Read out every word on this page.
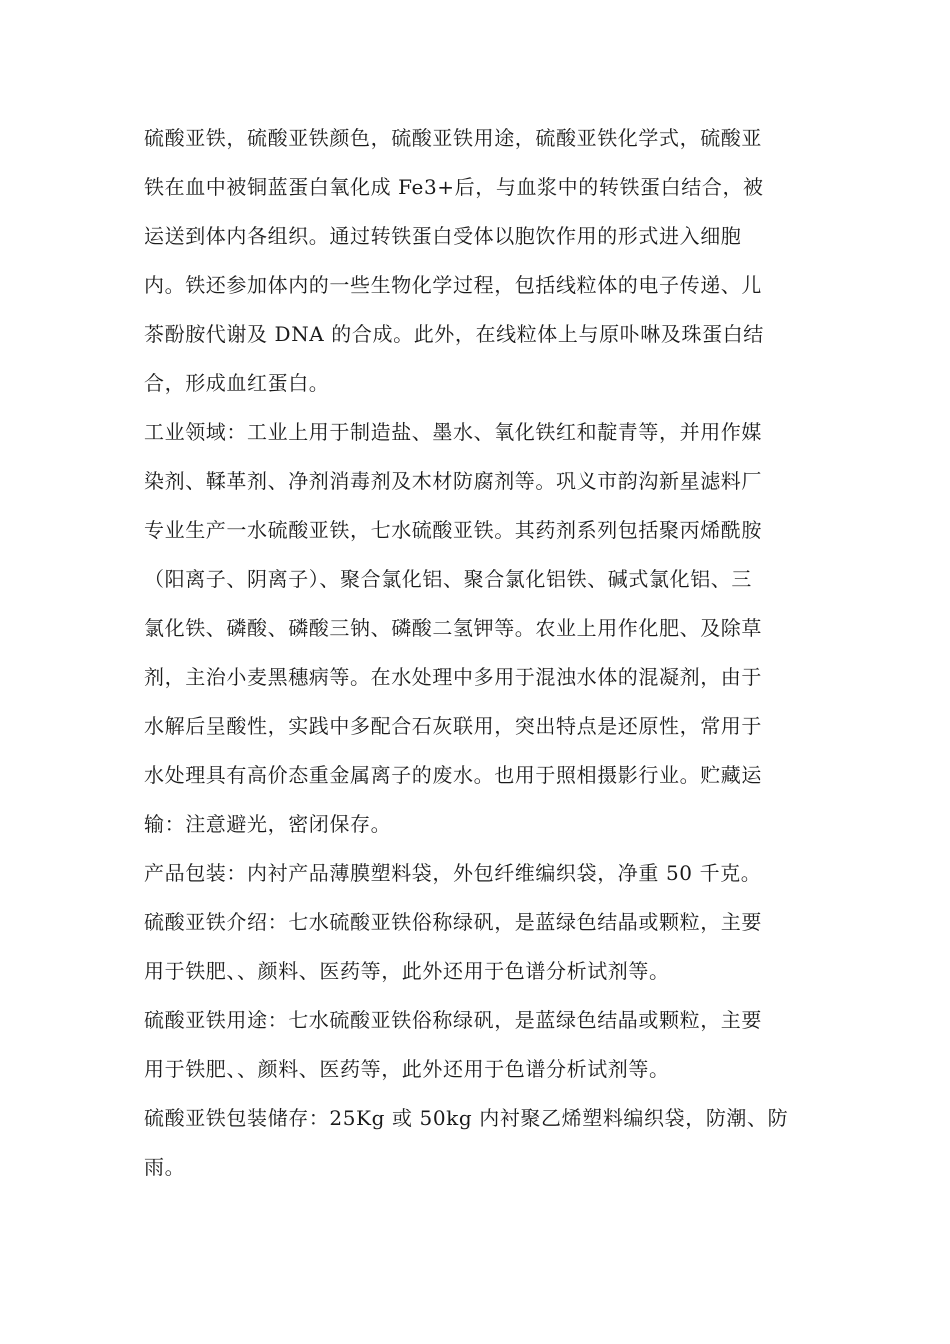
硫酸亚铁，硫酸亚铁颜色，硫酸亚铁用途，硫酸亚铁化学式，硫酸亚
铁在血中被铜蓝蛋白氧化成 Fe3+后，与血浆中的转铁蛋白结合，被
运送到体内各组织。通过转铁蛋白受体以胞饮作用的形式进入细胞
内。铁还参加体内的一些生物化学过程，包括线粒体的电子传递、儿
茶酚胺代谢及 DNA 的合成。此外，在线粒体上与原卟啉及珠蛋白结
合，形成血红蛋白。

工业领域：工业上用于制造盐、墨水、氧化铁红和靛青等，并用作媒
染剂、鞣革剂、净剂消毒剂及木材防腐剂等。巩义市韵沟新星滤料厂
专业生产一水硫酸亚铁，七水硫酸亚铁。其药剂系列包括聚丙烯酰胺
（阳离子、阴离子）、聚合氯化铝、聚合氯化铝铁、碱式氯化铝、三
氯化铁、磷酸、磷酸三钠、磷酸二氢钾等。农业上用作化肥、及除草
剂，主治小麦黑穗病等。在水处理中多用于混浊水体的混凝剂，由于
水解后呈酸性，实践中多配合石灰联用，突出特点是还原性，常用于
水处理具有高价态重金属离子的废水。也用于照相摄影行业。贮藏运
输：注意避光，密闭保存。

产品包装：内衬产品薄膜塑料袋，外包纤维编织袋，净重 50 千克。

硫酸亚铁介绍：七水硫酸亚铁俗称绿矾，是蓝绿色结晶或颗粒，主要
用于铁肥、、颜料、医药等，此外还用于色谱分析试剂等。

硫酸亚铁用途：七水硫酸亚铁俗称绿矾，是蓝绿色结晶或颗粒，主要
用于铁肥、、颜料、医药等，此外还用于色谱分析试剂等。

硫酸亚铁包装储存：25Kg 或 50kg 内衬聚乙烯塑料编织袋，防潮、防
雨。
